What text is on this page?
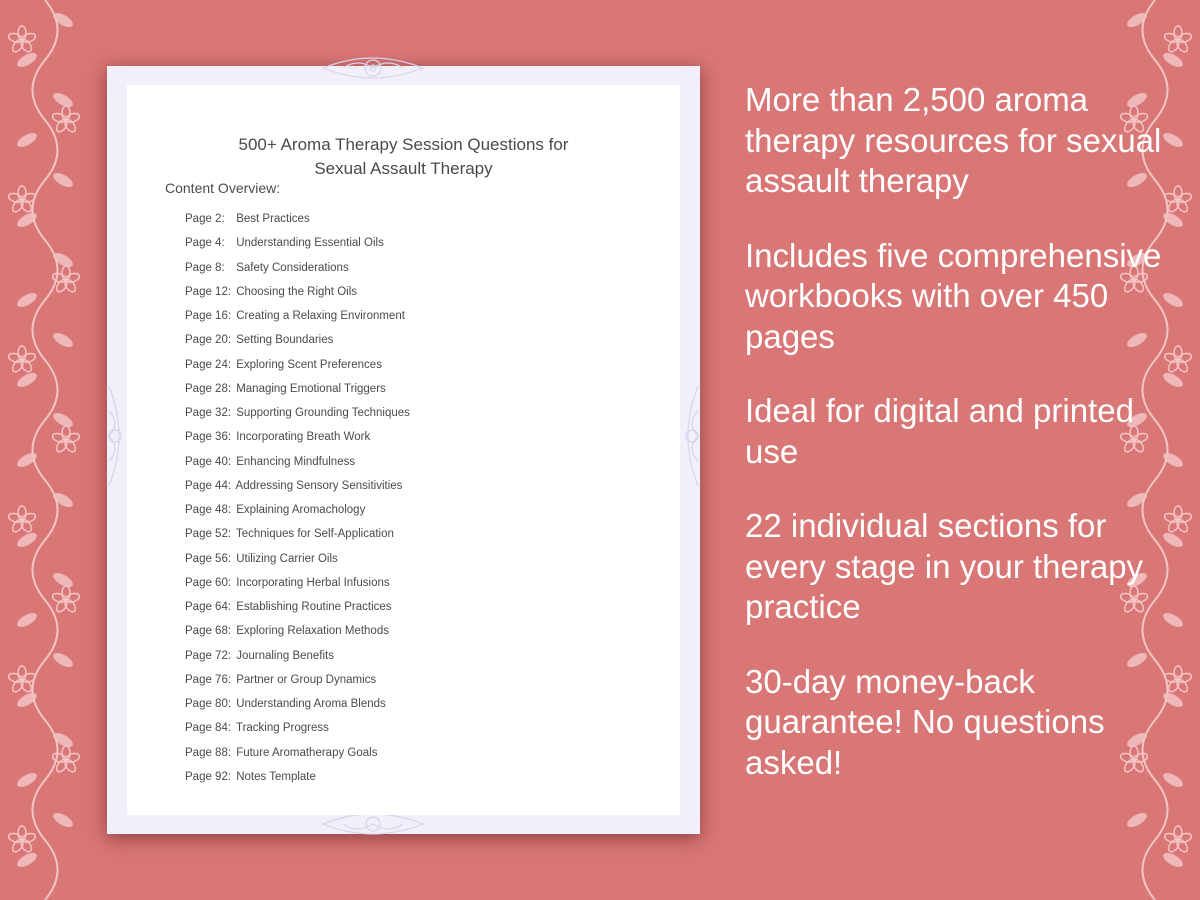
500+ Aroma Therapy Session Questions for
Sexual Assault Therapy
Content Overview:
Page 2: Best Practices
Page 4: Understanding Essential Oils
Page 8: Safety Considerations
Page 12: Choosing the Right Oils
Page 16: Creating a Relaxing Environment
Page 20: Setting Boundaries
Page 24: Exploring Scent Preferences
Page 28: Managing Emotional Triggers
Page 32: Supporting Grounding Techniques
Page 36: Incorporating Breath Work
Page 40: Enhancing Mindfulness
Page 44: Addressing Sensory Sensitivities
Page 48: Explaining Aromachology
Page 52: Techniques for Self-Application
Page 56: Utilizing Carrier Oils
Page 60: Incorporating Herbal Infusions
Page 64: Establishing Routine Practices
Page 68: Exploring Relaxation Methods
Page 72: Journaling Benefits
Page 76: Partner or Group Dynamics
Page 80: Understanding Aroma Blends
Page 84: Tracking Progress
Page 88: Future Aromatherapy Goals
Page 92: Notes Template
More than 2,500 aroma therapy resources for sexual assault therapy
Includes five comprehensive workbooks with over 450 pages
Ideal for digital and printed use
22 individual sections for every stage in your therapy practice
30-day money-back guarantee! No questions asked!
